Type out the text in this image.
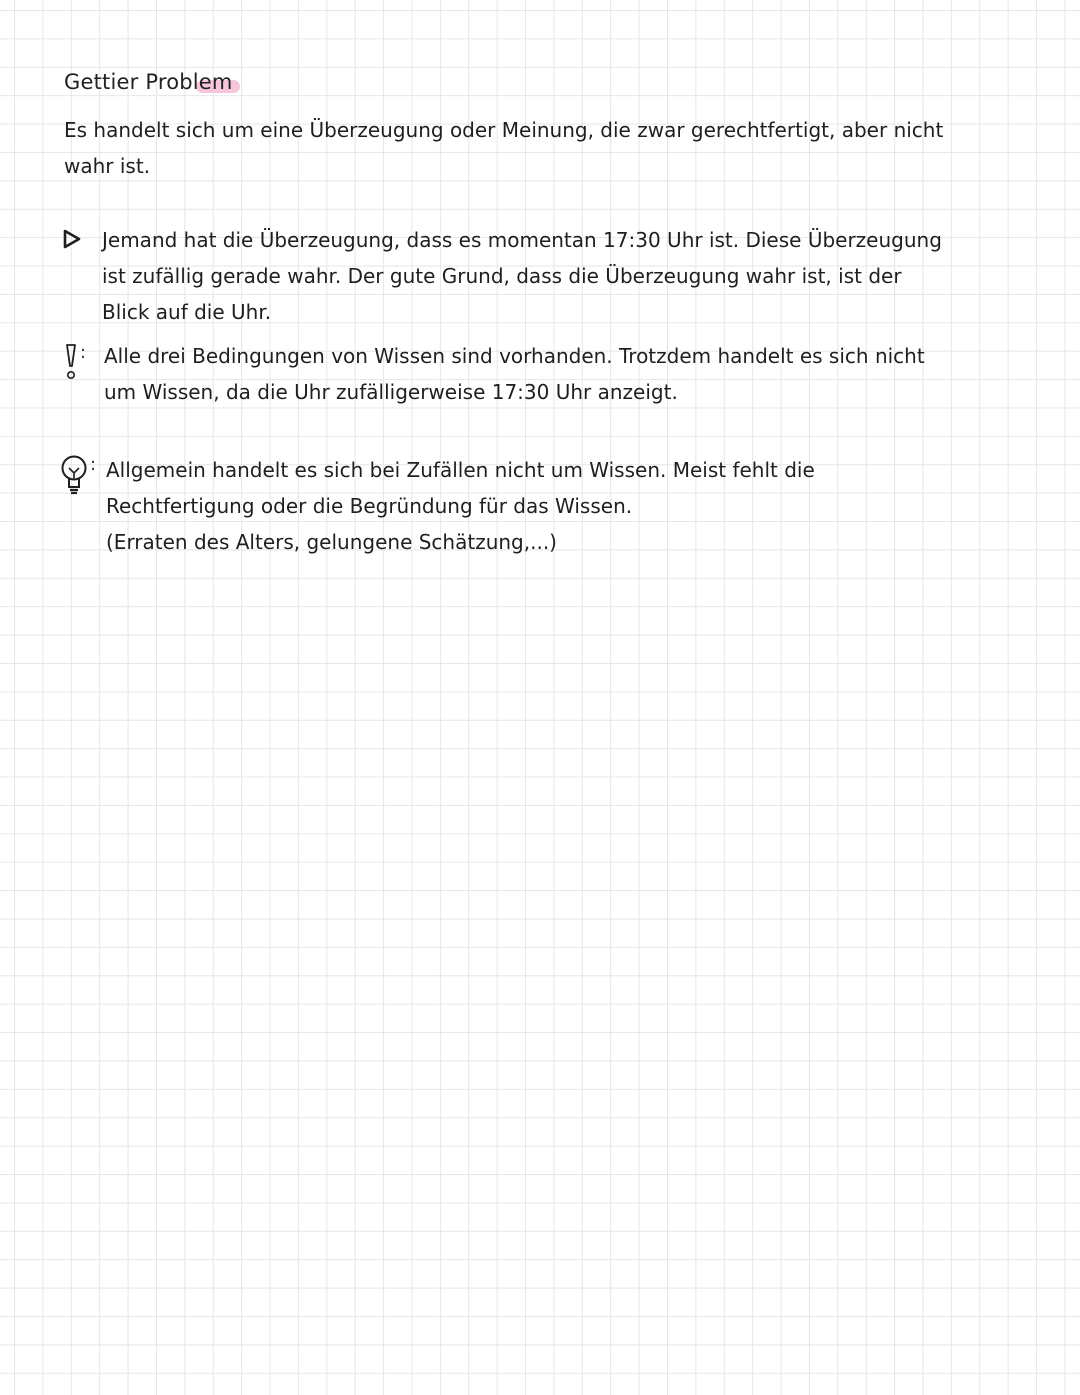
Gettier Problem
Es handelt sich um eine Überzeugung oder Meinung, die zwar gerechtfertigt, aber nicht wahr ist.
Jemand hat die Überzeugung, dass es momentan 17:30 Uhr ist. Diese Überzeugung ist zufällig gerade wahr. Der gute Grund, dass die Überzeugung wahr ist, ist der Blick auf die Uhr.
: Alle drei Bedingungen von Wissen sind vorhanden. Trotzdem handelt es sich nicht um Wissen, da die Uhr zufälligerweise 17:30 Uhr anzeigt.
: Allgemein handelt es sich bei Zufällen nicht um Wissen. Meist fehlt die Rechtfertigung oder die Begründung für das Wissen.
(Erraten des Alters, gelungene Schätzung,...)
